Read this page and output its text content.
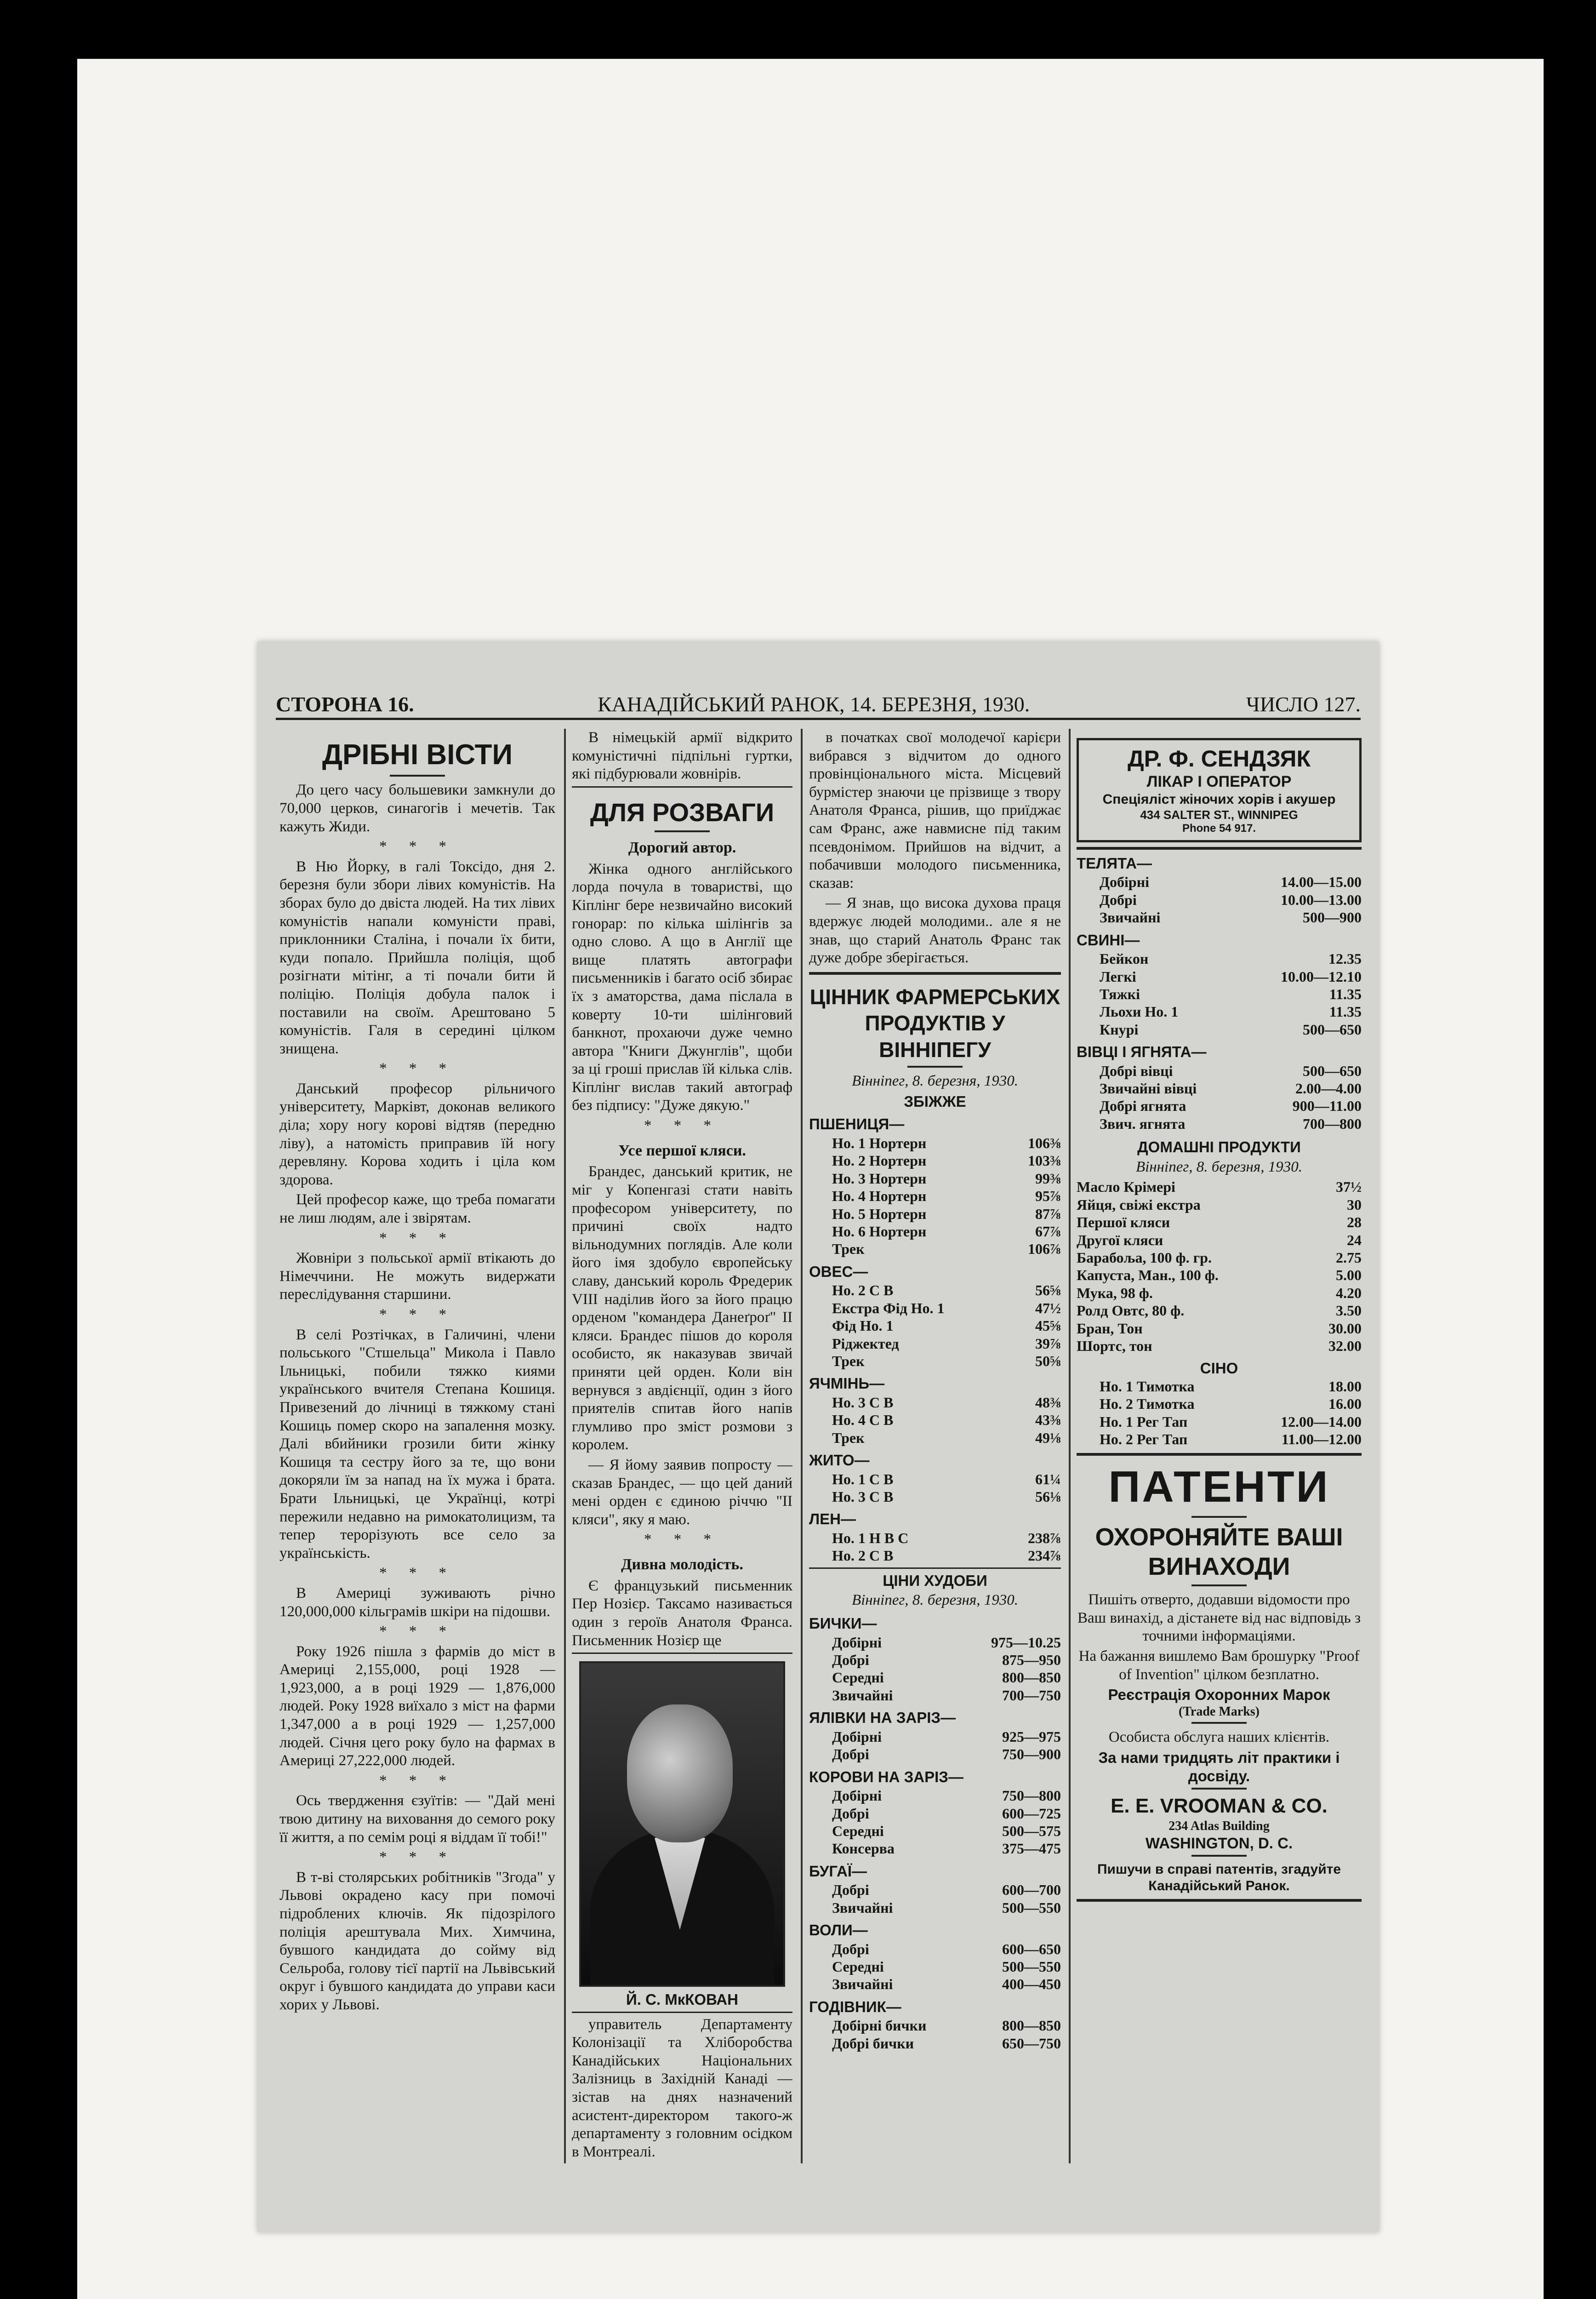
СТОРОНА 16.	КАНАДІЙСЬКИЙ РАНОК, 14. БЕРЕЗНЯ, 1930.	ЧИСЛО 127.
ДРІБНІ ВІСТИ

До цего часу большевики замкнули до 70,000 церков, синагогів і мечетів. Так кажуть Жиди.

* * *

В Ню Йорку, в галі Токсідо, дня 2. березня були збори лівих комуністів. На зборах було до двіста людей. На тих лівих комуністів напали комуністи праві, приклонники Сталіна, і почали їх бити, куди попало. Прийшла поліція, щоб розігнати мітінг, а ті почали бити й поліцію. Поліція добула палок і поставили на своїм. Арештовано 5 комуністів. Галя в середині цілком знищена.

* * *

Данський професор рільничого університету, Марківт, доконав великого діла; хору ногу корові відтяв (передню ліву), а натомість приправив їй ногу деревляну. Корова ходить і ціла ком здорова.

Цей професор каже, що треба помагати не лиш людям, але і звірятам.

* * *

Жовніри з польської армії втікають до Німеччини. Не можуть видержати переслідування старшини.

* * *

В селі Розтічках, в Галичині, члени польського "Стшельца" Микола і Павло Ільницькі, побили тяжко киями українського вчителя Степана Кошиця. Привезений до лічниці в тяжкому стані Кошиць помер скоро на запалення мозку. Далі вбийники грозили бити жінку Кошиця та сестру його за те, що вони докоряли їм за напад на їх мужа і брата. Брати Ільницькі, це Українці, котрі пережили недавно на римокатолицизм, та тепер терорізують все село за українськість.

* * *

В Америці зуживають річно 120,000,000 кільграмів шкіри на підошви.

* * *

Року 1926 пішла з фармів до міст в Америці 2,155,000, році 1928 — 1,923,000, а в році 1929 — 1,876,000 людей. Року 1928 виїхало з міст на фарми 1,347,000 а в році 1929 — 1,257,000 людей. Січня цего року було на фармах в Америці 27,222,000 людей.

* * *

Ось твердження єзуїтів: — "Дай мені твою дитину на виховання до семого року її життя, а по семім році я віддам її тобі!"

* * *

В т-ві столярських робітників "Згода" у Львові окрадено касу при помочі підроблених ключів. Як підозрілого поліція арештувала Мих. Химчина, бувшого кандидата до сойму від Сельроба, голову тієї партії на Львівський округ і бувшого кандидата до управи каси хорих у Львові.

В німецькій армії відкрито комуністичні підпільні гуртки, які підбурювали жовнірів.

ДЛЯ РОЗВАГИ
Дорогий автор.

Жінка одного англійського лорда почула в товаристві, що Кіплінг бере незвичайно високий гонорар: по кілька шілінгів за одно слово. А що в Англії ще вище платять автографи письменників і багато осіб збирає їх з аматорства, дама післала в коверту 10-ти шілінговий банкнот, прохаючи дуже чемно автора "Книги Джунглів", щоби за ці гроші прислав їй кілька слів. Кіплінг вислав такий автограф без підпису: "Дуже дякую."

* * *
Усе першої кляси.

Брандес, данський критик, не міг у Копенгазі стати навіть професором університету, по причині своїх надто вільнодумних поглядів. Але коли його імя здобуло європейську славу, данський король Фредерик VIII наділив його за його працю орденом "командера Данеґроґ" II кляси. Брандес пішов до короля особисто, як наказував звичай приняти цей орден. Коли він вернувся з авдієнції, один з його приятелів спитав його напів глумливо про зміст розмови з королем.

— Я йому заявив попросту — сказав Брандес, — що цей даний мені орден є єдиною річчю "II кляси", яку я маю.

* * *
Дивна молодість.

Є французький письменник Пер Нозієр. Таксамо називається один з героїв Анатоля Франса. Письменник Нозієр ще

Й. С. МкКОВАН

управитель Департаменту Колонізації та Хліборобства Канадійських Національних Залізниць в Західній Канаді — зістав на днях назначений асистент-директором такого-ж департаменту з головним осідком в Монтреалі.

в початках свої молодечої карієри вибрався з відчитом до одного провінціонального міста. Місцевий бурмістер знаючи це прізвище з твору Анатоля Франса, рішив, що приїджає сам Франс, аже навмисне під таким псевдонімом. Прийшов на відчит, а побачивши молодого письменника, сказав:

— Я знав, що висока духова праця вдержує людей молодими.. але я не знав, що старий Анатоль Франс так дуже добре зберігається.

ЦІННИК ФАРМЕРСЬКИХ ПРОДУКТІВ У ВІННІПЕГУ
Вінніпег, 8. березня, 1930.
ЗБІЖЖЕ
ПШЕНИЦЯ—
Но. 1 Нортерн	106⅜
Но. 2 Нортерн	103⅜
Но. 3 Нортерн	99⅜
Но. 4 Нортерн	95⅞
Но. 5 Нортерн	87⅞
Но. 6 Нортерн	67⅞
Трек	106⅞
ОВЕС—
Но. 2 С В	56⅝
Екстра Фід Но. 1	47½
Фід Но. 1	45⅝
Ріджектед	39⅞
Трек	50⅝
ЯЧМІНЬ—
Но. 3 С В	48⅜
Но. 4 С В	43⅜
Трек	49⅛
ЖИТО—
Но. 1 С В	61¼
Но. 3 С В	56⅛
ЛЕН—
Но. 1 Н В С	238⅞
Но. 2 С В	234⅞
ЦІНИ ХУДОБИ
Вінніпег, 8. березня, 1930.
БИЧКИ—
Добірні	975—10.25
Добрі	875—950
Середні	800—850
Звичайні	700—750
ЯЛІВКИ НА ЗАРІЗ—
Добірні	925—975
Добрі	750—900
КОРОВИ НА ЗАРІЗ—
Добірні	750—800
Добрі	600—725
Середні	500—575
Консерва	375—475
БУГАЇ—
Добрі	600—700
Звичайні	500—550
ВОЛИ—
Добрі	600—650
Середні	500—550
Звичайні	400—450
ГОДІВНИК—
Добірні бички	800—850
Добрі бички	650—750
ДР. Ф. СЕНДЗЯК
ЛІКАР І ОПЕРАТОР
Спеціяліст жіночих хорів і акушер
434 SALTER ST., WINNIPEG
Phone 54 917.
ТЕЛЯТА—
Добірні	14.00—15.00
Добрі	10.00—13.00
Звичайні	500—900
СВИНІ—
Бейкон	12.35
Легкі	10.00—12.10
Тяжкі	11.35
Льохи Но. 1	11.35
Кнурі	500—650
ВІВЦІ І ЯГНЯТА—
Добрі вівці	500—650
Звичайні вівці	2.00—4.00
Добрі ягнята	900—11.00
Звич. ягнята	700—800
ДОМАШНІ ПРОДУКТИ
Вінніпег, 8. березня, 1930.
Масло Крімері	37½
Яйця, свіжі екстра	30
Першої кляси	28
Другої кляси	24
Барабоља, 100 ф. гр.	2.75
Капуста, Ман., 100 ф.	5.00
Мука, 98 ф.	4.20
Ролд Овтс, 80 ф.	3.50
Бран, Тон	30.00
Шортс, тон	32.00
СІНО
Но. 1 Тимотка	18.00
Но. 2 Тимотка	16.00
Но. 1 Рег Тап	12.00—14.00
Но. 2 Рег Тап	11.00—12.00
ПАТЕНТИ
ОХОРОНЯЙТЕ ВАШІ ВИНАХОДИ

Пишіть отверто, додавши відомости про Ваш винахід, а дістанете від нас відповідь з точними інформаціями.

На бажання вишлемо Вам брошурку "Proof of Invention" цілком безплатно.

Реєстрація Охоронних Марок
(Trade Marks)

Особиста обслуга наших клієнтів.

За нами тридцять літ практики і досвіду.
E. E. VROOMAN & CO.
234 Atlas Building
WASHINGTON, D. C.
Пишучи в справі патентів, згадуйте Канадійський Ранок.
